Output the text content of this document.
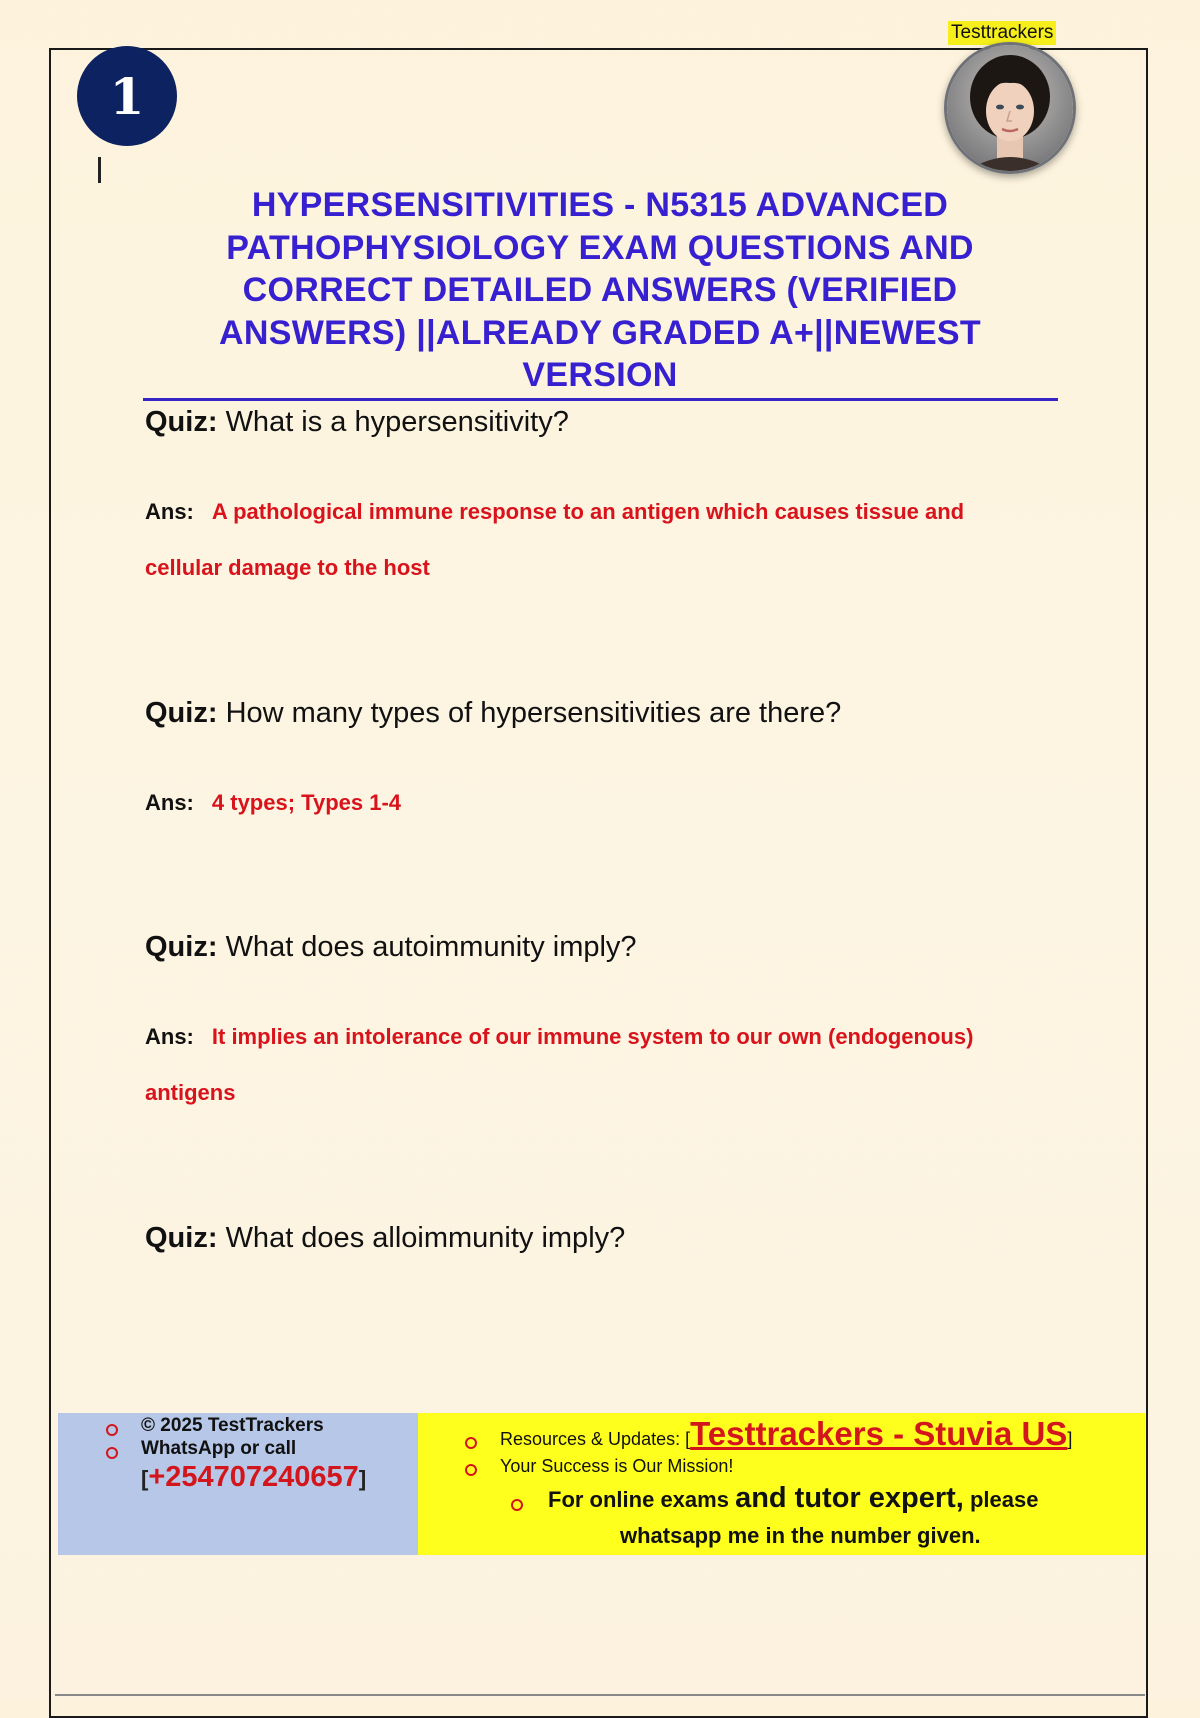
Testtrackers
1
HYPERSENSITIVITIES - N5315 ADVANCED PATHOPHYSIOLOGY EXAM QUESTIONS AND CORRECT DETAILED ANSWERS (VERIFIED ANSWERS) ||ALREADY GRADED A+||NEWEST VERSION
Quiz: What is a hypersensitivity?
Ans: A pathological immune response to an antigen which causes tissue and
cellular damage to the host
Quiz: How many types of hypersensitivities are there?
Ans: 4 types; Types 1-4
Quiz: What does autoimmunity imply?
Ans: It implies an intolerance of our immune system to our own (endogenous)
antigens
Quiz: What does alloimmunity imply?
© 2025 TestTrackers
WhatsApp or call
[+254707240657]
Resources & Updates: [Testtrackers - Stuvia US]
Your Success is Our Mission!
For online exams and tutor expert, please
whatsapp me in the number given.
